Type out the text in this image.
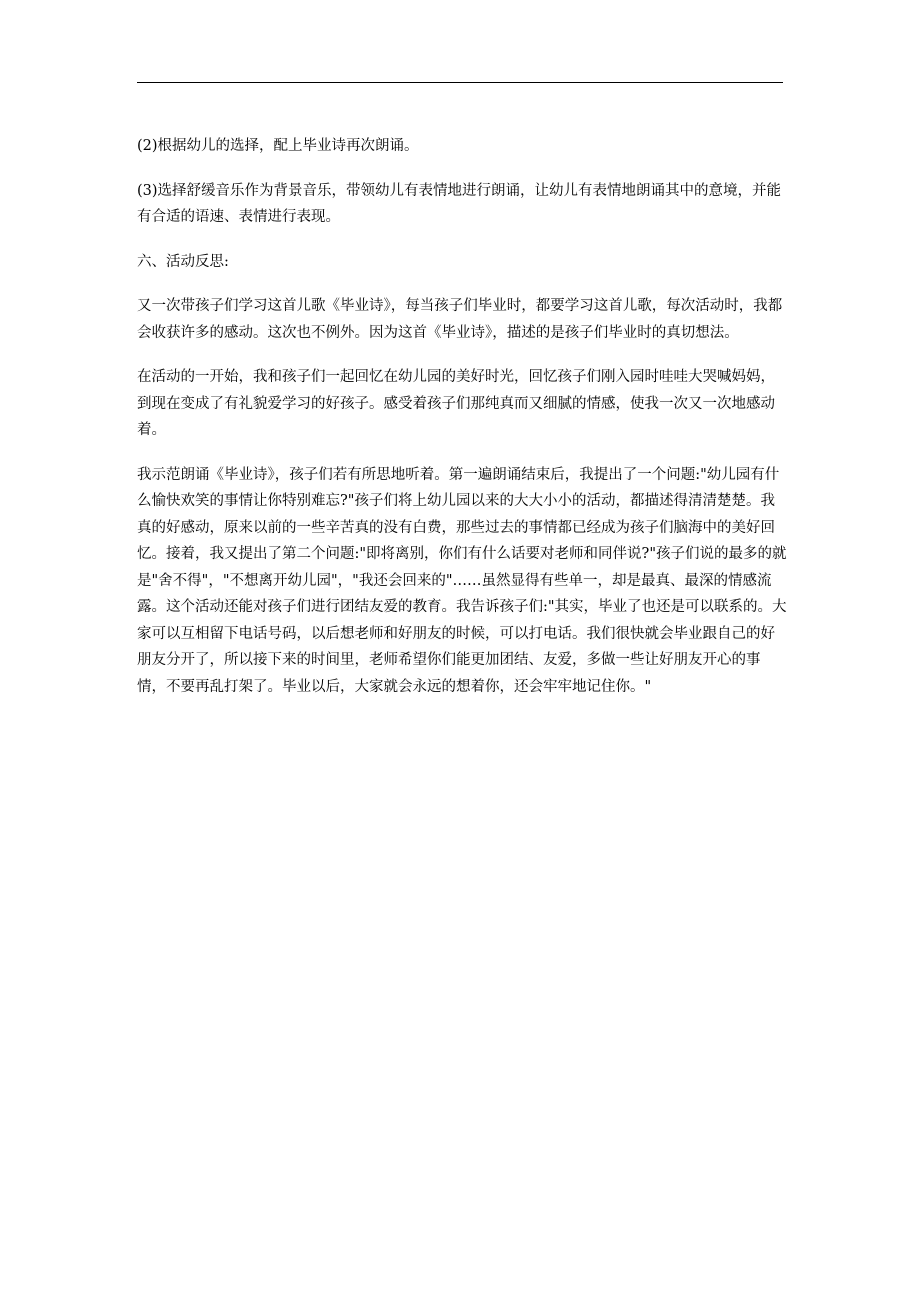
(2)根据幼儿的选择，配上毕业诗再次朗诵。

(3)选择舒缓音乐作为背景音乐，带领幼儿有表情地进行朗诵，让幼儿有表情地朗诵其中的意境，并能有合适的语速、表情进行表现。

六、活动反思:

又一次带孩子们学习这首儿歌《毕业诗》，每当孩子们毕业时，都要学习这首儿歌，每次活动时，我都会收获许多的感动。这次也不例外。因为这首《毕业诗》，描述的是孩子们毕业时的真切想法。

在活动的一开始，我和孩子们一起回忆在幼儿园的美好时光，回忆孩子们刚入园时哇哇大哭喊妈妈，到现在变成了有礼貌爱学习的好孩子。感受着孩子们那纯真而又细腻的情感，使我一次又一次地感动着。

我示范朗诵《毕业诗》，孩子们若有所思地听着。第一遍朗诵结束后，我提出了一个问题:"幼儿园有什么愉快欢笑的事情让你特别难忘?"孩子们将上幼儿园以来的大大小小的活动，都描述得清清楚楚。我真的好感动，原来以前的一些辛苦真的没有白费，那些过去的事情都已经成为孩子们脑海中的美好回忆。接着，我又提出了第二个问题:"即将离别，你们有什么话要对老师和同伴说?"孩子们说的最多的就是"舍不得"，"不想离开幼儿园"，"我还会回来的"……虽然显得有些单一，却是最真、最深的情感流露。这个活动还能对孩子们进行团结友爱的教育。我告诉孩子们:"其实，毕业了也还是可以联系的。大家可以互相留下电话号码，以后想老师和好朋友的时候，可以打电话。我们很快就会毕业跟自己的好朋友分开了，所以接下来的时间里，老师希望你们能更加团结、友爱，多做一些让好朋友开心的事情，不要再乱打架了。毕业以后，大家就会永远的想着你，还会牢牢地记住你。"
